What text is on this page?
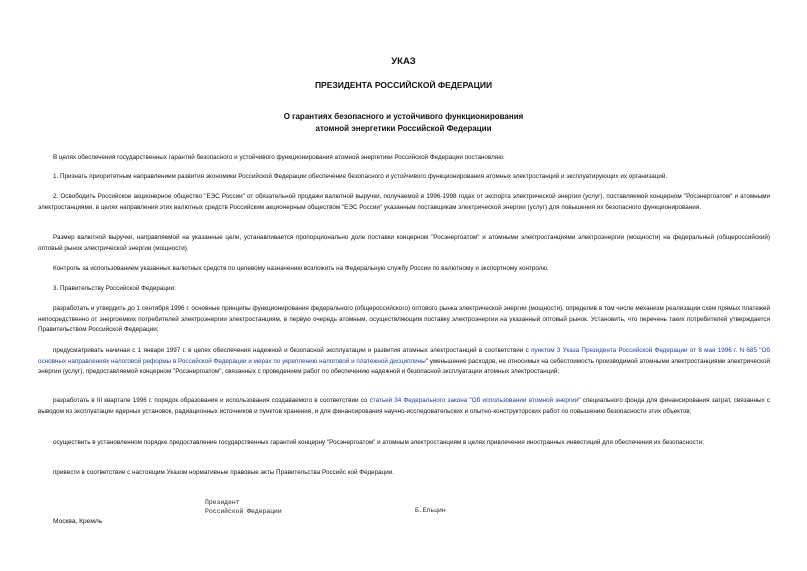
УКАЗ
ПРЕЗИДЕНТА РОССИЙСКОЙ ФЕДЕРАЦИИ
О гарантиях безопасного и устойчивого функционирования
атомной энергетики Российской Федерации

В целях обеспечения государственных гарантий безопасного и устойчивого функционирования атомной энергетики Российской Федерации постановляю:

1. Признать приоритетным направлением развития экономики Российской Федерации обеспечение безопасного и устойчивого функционирования атомных электростанций и эксплуатирующих их организаций.

2. Освободить Российское акционерное общество "ЕЭС России" от обязательной продажи валютной выручки, получаемой в 1996-1998 годах от экспорта электрической энергии (услуг), поставляемой концерном "Росэнергоатом" и атомными электростанциями, в целях направления этих валютных средств Российским акционерным обществом "ЕЭС России" указанным поставщикам электрической энергии (услуг) для повышения их безопасного функционирования.

Размер валютной выручки, направляемой на указанные цели, устанавливается пропорционально доле поставки концерном "Росэнергоатом" и атомными электростанциями электроэнергии (мощности) на федеральный (общероссийский) оптовый рынок электрической энергии (мощности).

Контроль за использованием указанных валютных средств по целевому назначению возложить на Федеральную службу России по валютному и экспортному контролю.

3. Правительству Российской Федерации:

разработать и утвердить до 1 сентября 1996 г. основные принципы функционирования федерального (общероссийского) оптового рынка электрической энергии (мощности), определив в том числе механизм реализации схем прямых платежей непосредственно от энергоемких потребителей электроэнергии электростанциям, в первую очередь атомным, осуществляющим поставку электроэнергии на указанный оптовый рынок. Установить, что перечень таких потребителей утверждается Правительством Российской Федерации;

предусматривать начиная с 1 января 1997 г. в целях обеспечения надежной и безопасной эксплуатации и развития атомных электростанций в соответствии с пунктом 3 Указа Президента Российской Федерации от 8 мая 1996 г. N 685 "Об основных направлениях налоговой реформы в Российской Федерации и мерах по укреплению налоговой и платежной дисциплины" уменьшение расходов, не относимых на себестоимость производимой атомными электростанциями электрической энергии (услуг), предоставляемой концерном "Росэнергоатом", связанных с проведением работ по обеспечению надежной и безопасной эксплуатации атомных электростанций;

разработать в III квартале 1996 г. порядок образования и использования создаваемого в соответствии со статьей 34 Федерального закона "Об использовании атомной энергии" специального фонда для финансирования затрат, связанных с выводом из эксплуатации ядерных установок, радиационных источников и пунктов хранения, и для финансирования научно-исследовательских и опытно-конструкторских работ по повышению безопасности этих объектов;

осуществить в установленном порядке предоставление государственных гарантий концерну "Росэнергоатом" и атомным электростанциям в целях привлечения иностранных инвестиций для обеспечения их безопасности;

привести в соответствие с настоящим Указом нормативные правовые акты Правительства Российс кой Федерации.

Президент
Российской Федерации	Б.Ельцин
Москва, Кремль
